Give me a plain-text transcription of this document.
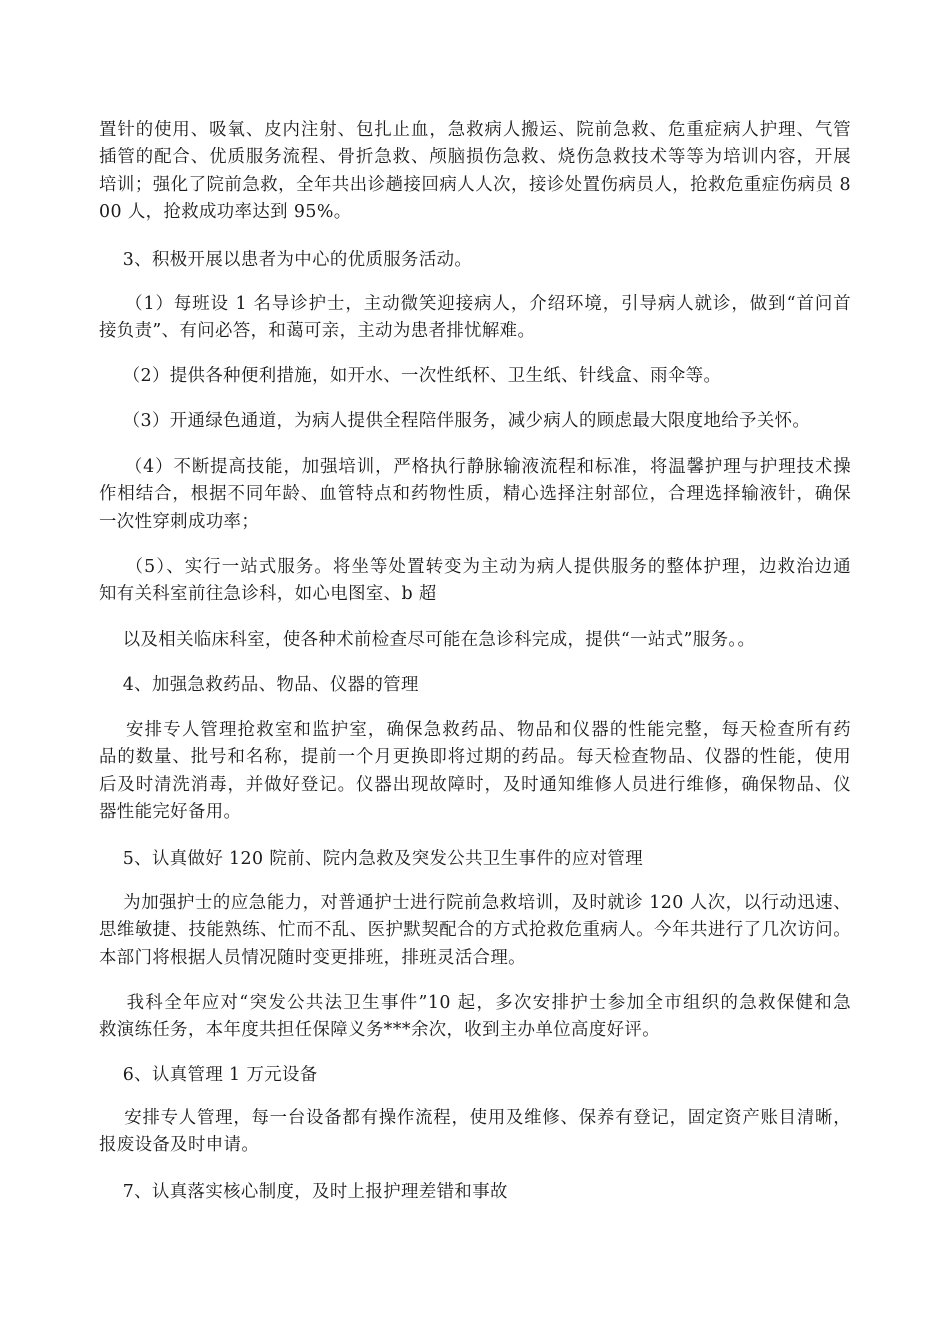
置针的使用、吸氧、皮内注射、包扎止血，急救病人搬运、院前急救、危重症病人护理、气管
插管的配合、优质服务流程、骨折急救、颅脑损伤急救、烧伤急救技术等等为培训内容，开展
培训；强化了院前急救，全年共出诊趟接回病人人次，接诊处置伤病员人，抢救危重症伤病员 8
00 人，抢救成功率达到 95%。
3、积极开展以患者为中心的优质服务活动。
（1）每班设 1 名导诊护士，主动微笑迎接病人，介绍环境，引导病人就诊，做到“首问首
接负责”、有问必答，和蔼可亲，主动为患者排忧解难。
（2）提供各种便利措施，如开水、一次性纸杯、卫生纸、针线盒、雨伞等。
（3）开通绿色通道，为病人提供全程陪伴服务，减少病人的顾虑最大限度地给予关怀。
（4）不断提高技能，加强培训，严格执行静脉输液流程和标准，将温馨护理与护理技术操
作相结合，根据不同年龄、血管特点和药物性质，精心选择注射部位，合理选择输液针，确保
一次性穿刺成功率；
（5）、实行一站式服务。将坐等处置转变为主动为病人提供服务的整体护理，边救治边通
知有关科室前往急诊科，如心电图室、b 超
以及相关临床科室，使各种术前检查尽可能在急诊科完成，提供“一站式”服务。。
4、加强急救药品、物品、仪器的管理
安排专人管理抢救室和监护室，确保急救药品、物品和仪器的性能完整，每天检查所有药
品的数量、批号和名称，提前一个月更换即将过期的药品。每天检查物品、仪器的性能，使用
后及时清洗消毒，并做好登记。仪器出现故障时，及时通知维修人员进行维修，确保物品、仪
器性能完好备用。
5、认真做好 120 院前、院内急救及突发公共卫生事件的应对管理
为加强护士的应急能力，对普通护士进行院前急救培训，及时就诊 120 人次，以行动迅速、
思维敏捷、技能熟练、忙而不乱、医护默契配合的方式抢救危重病人。今年共进行了几次访问。
本部门将根据人员情况随时变更排班，排班灵活合理。
我科全年应对“突发公共法卫生事件”10 起，多次安排护士参加全市组织的急救保健和急
救演练任务，本年度共担任保障义务***余次，收到主办单位高度好评。
6、认真管理 1 万元设备
安排专人管理，每一台设备都有操作流程，使用及维修、保养有登记，固定资产账目清晰，
报废设备及时申请。
7、认真落实核心制度，及时上报护理差错和事故
